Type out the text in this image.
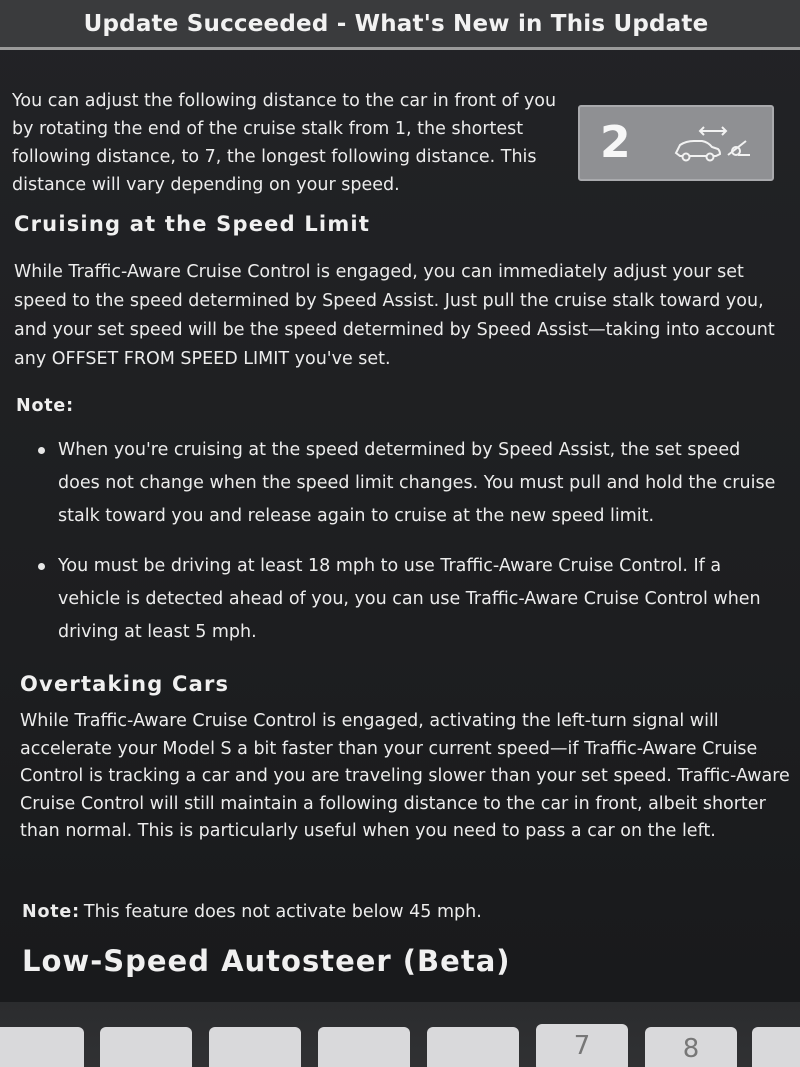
Update Succeeded - What's New in This Update

You can adjust the following distance to the car in front of you by rotating the end of the cruise stalk from 1, the shortest following distance, to 7, the longest following distance. This distance will vary depending on your speed.

2
Cruising at the Speed Limit

While Traffic-Aware Cruise Control is engaged, you can immediately adjust your set speed to the speed determined by Speed Assist. Just pull the cruise stalk toward you, and your set speed will be the speed determined by Speed Assist—taking into account any OFFSET FROM SPEED LIMIT you've set.

Note:
When you're cruising at the speed determined by Speed Assist, the set speed does not change when the speed limit changes. You must pull and hold the cruise stalk toward you and release again to cruise at the new speed limit.
You must be driving at least 18 mph to use Traffic-Aware Cruise Control. If a vehicle is detected ahead of you, you can use Traffic-Aware Cruise Control when driving at least 5 mph.
Overtaking Cars

While Traffic-Aware Cruise Control is engaged, activating the left-turn signal will accelerate your Model S a bit faster than your current speed—if Traffic-Aware Cruise Control is tracking a car and you are traveling slower than your set speed. Traffic-Aware Cruise Control will still maintain a following distance to the car in front, albeit shorter than normal. This is particularly useful when you need to pass a car on the left.

Note: This feature does not activate below 45 mph.

Low-Speed Autosteer (Beta)
7	8
